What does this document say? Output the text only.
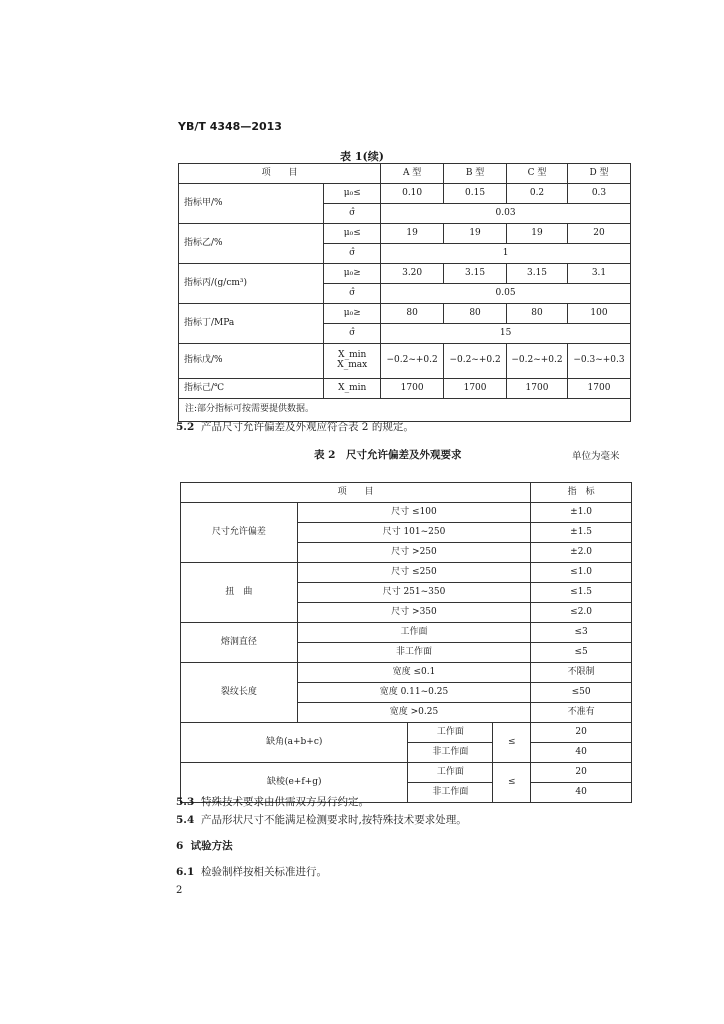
YB/T 4348—2013
表 1(续)
项　　目		A 型	B 型	C 型	D 型
指标甲/%	μ₀≤	0.10	0.15	0.2	0.3
	σ̂	0.03			
指标乙/%	μ₀≤	19	19	19	20
	σ̂	1			
指标丙/(g/cm³)	μ₀≥	3.20	3.15	3.15	3.1
	σ̂	0.05			
指标丁/MPa	μ₀≥	80	80	80	100
	σ̂	15			
指标戊/%	X_min X_max	−0.2~+0.2	−0.2~+0.2	−0.2~+0.2	−0.3~+0.3
指标己/℃	X_min	1700	1700	1700	1700
注:部分指标可按需要提供数据。					
5.2 产品尺寸允许偏差及外观应符合表 2 的规定。
表 2　尺寸允许偏差及外观要求	单位为毫米
项　　目				指　标
尺寸允许偏差	尺寸 ≤100			±1.0
	尺寸 101~250			±1.5
	尺寸 >250			±2.0
扭　曲	尺寸 ≤250			≤1.0
	尺寸 251~350			≤1.5
	尺寸 >350			≤2.0
熔洞直径	工作面			≤3
	非工作面			≤5
裂纹长度	宽度 ≤0.1			不限制
	宽度 0.11~0.25			≤50
	宽度 >0.25			不准有
缺角(a+b+c)		工作面	≤	20
		非工作面		40
缺棱(e+f+g)		工作面	≤	20
		非工作面		40
5.3 特殊技术要求由供需双方另行约定。
5.4 产品形状尺寸不能满足检测要求时,按特殊技术要求处理。
6 试验方法
6.1 检验制样按相关标准进行。
2
